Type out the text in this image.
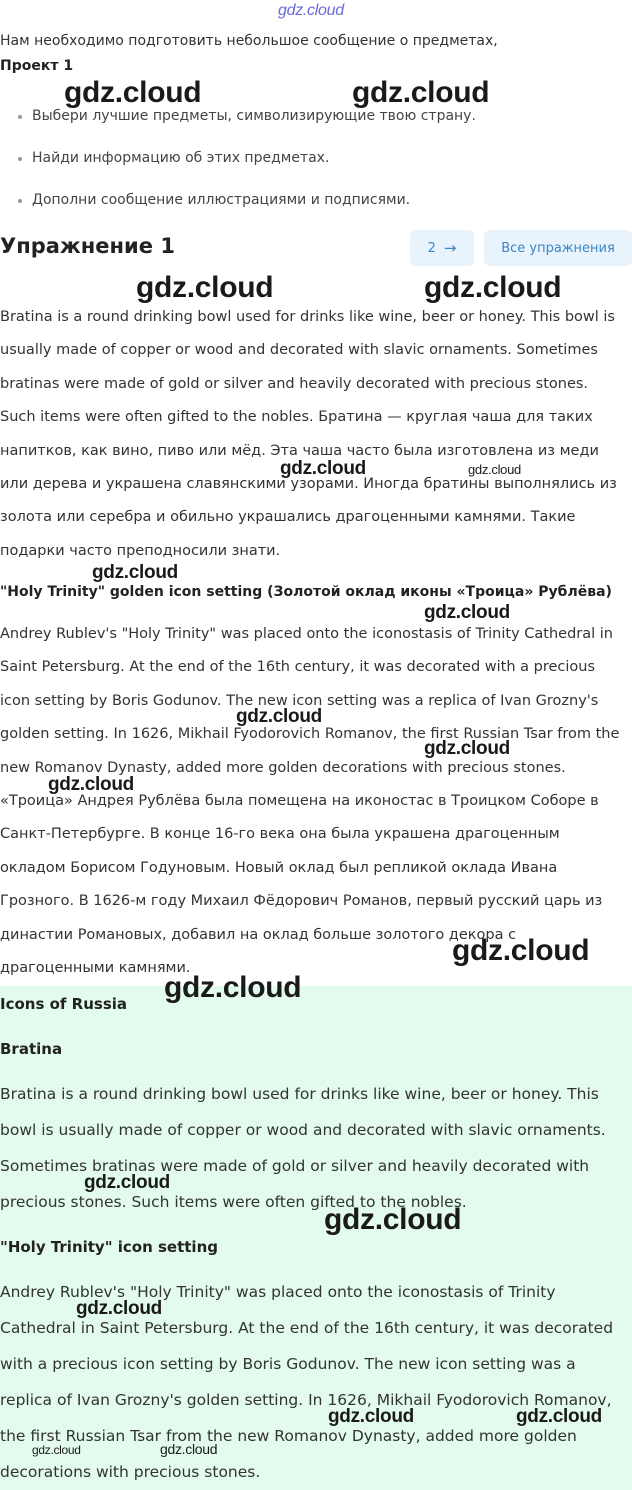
gdz.cloud
Нам необходимо подготовить небольшое сообщение о предметах,
Проект 1
Выбери лучшие предметы, символизирующие твою страну.
Найди информацию об этих предметах.
Дополни сообщение иллюстрациями и подписями.
Упражнение 1	2 →	Все упражнения
Bratina is a round drinking bowl used for drinks like wine, beer or honey. This bowl is usually made of copper or wood and decorated with slavic ornaments. Sometimes bratinas were made of gold or silver and heavily decorated with precious stones. Such items were often gifted to the nobles. Братина — круглая чаша для таких напитков, как вино, пиво или мёд. Эта чаша часто была изготовлена из меди или дерева и украшена славянскими узорами. Иногда братины выполнялись из золота или серебра и обильно украшались драгоценными камнями. Такие подарки часто преподносили знати.
"Holy Trinity" golden icon setting (Золотой оклад иконы «Троица» Рублёва)
Andrey Rublev's "Holy Trinity" was placed onto the iconostasis of Trinity Cathedral in Saint Petersburg. At the end of the 16th century, it was decorated with a precious icon setting by Boris Godunov. The new icon setting was a replica of Ivan Grozny's golden setting. In 1626, Mikhail Fyodorovich Romanov, the first Russian Tsar from the new Romanov Dynasty, added more golden decorations with precious stones. «Троица» Андрея Рублёва была помещена на иконостас в Троицком Соборе в Санкт-Петербурге. В конце 16-го века она была украшена драгоценным окладом Борисом Годуновым. Новый оклад был репликой оклада Ивана Грозного. В 1626-м году Михаил Фёдорович Романов, первый русский царь из династии Романовых, добавил на оклад больше золотого декора с драгоценными камнями.
Icons of Russia
Bratina
Bratina is a round drinking bowl used for drinks like wine, beer or honey. This bowl is usually made of copper or wood and decorated with slavic ornaments. Sometimes bratinas were made of gold or silver and heavily decorated with precious stones. Such items were often gifted to the nobles.
"Holy Trinity" icon setting
Andrey Rublev's "Holy Trinity" was placed onto the iconostasis of Trinity Cathedral in Saint Petersburg. At the end of the 16th century, it was decorated with a precious icon setting by Boris Godunov. The new icon setting was a replica of Ivan Grozny's golden setting. In 1626, Mikhail Fyodorovich Romanov, the first Russian Tsar from the new Romanov Dynasty, added more golden decorations with precious stones.
gdz.cloud	gdz.cloud
gdz.cloud	gdz.cloud
gdz.cloud	gdz.cloud
gdz.cloud
gdz.cloud
gdz.cloud
gdz.cloud
gdz.cloud
gdz.cloud
gdz.cloud
gdz.cloud
gdz.cloud
gdz.cloud
gdz.cloud	gdz.cloud
gdz.cloud	gdz.cloud
